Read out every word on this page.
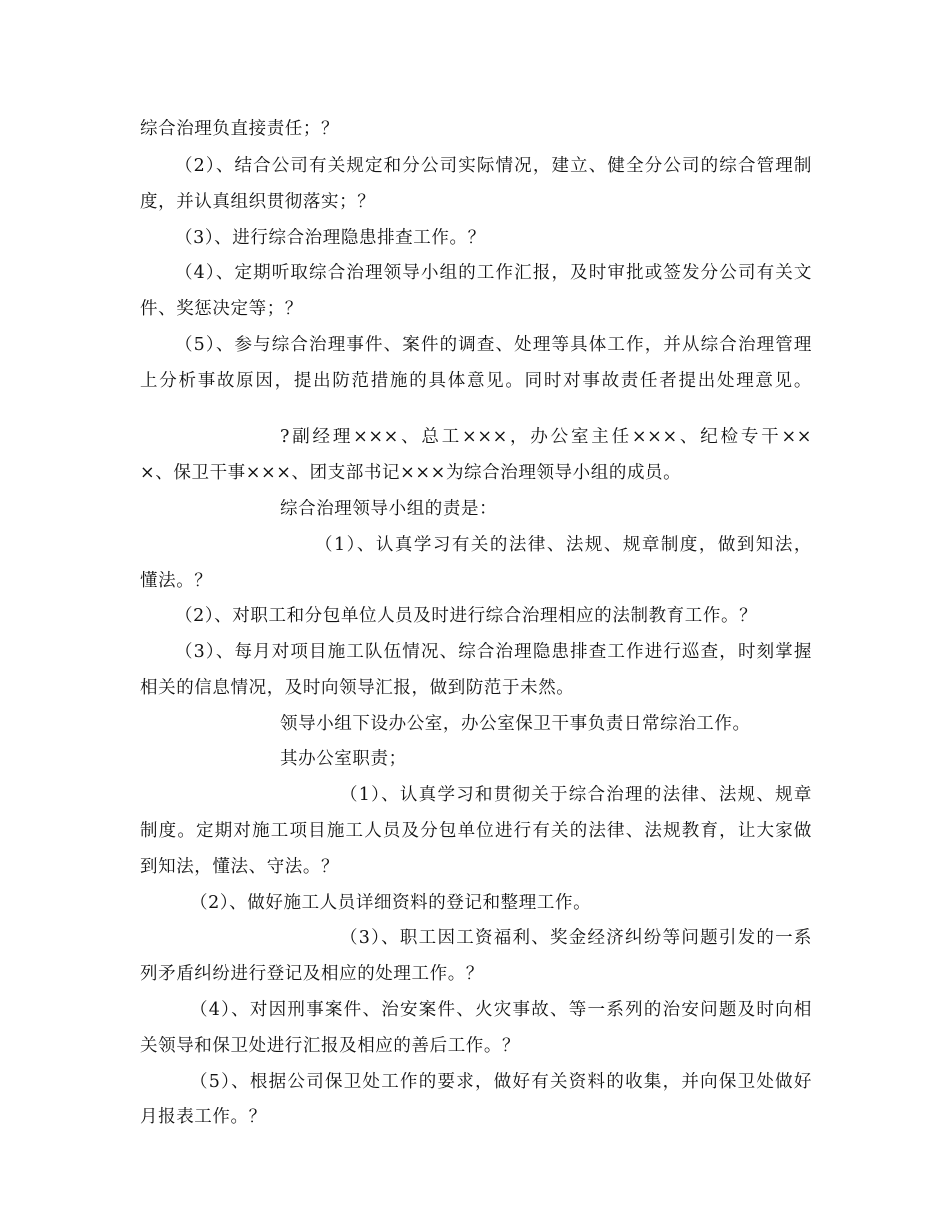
综合治理负直接责任；？
（2）、结合公司有关规定和分公司实际情况，建立、健全分公司的综合管理制
度，并认真组织贯彻落实；？
（3）、进行综合治理隐患排查工作。？
（4）、定期听取综合治理领导小组的工作汇报，及时审批或签发分公司有关文
件、奖惩决定等；？
（5）、参与综合治理事件、案件的调查、处理等具体工作，并从综合治理管理
上分析事故原因，提出防范措施的具体意见。同时对事故责任者提出处理意见。
?副经理×××、总工×××，办公室主任×××、纪检专干××
×、保卫干事×××、团支部书记×××为综合治理领导小组的成员。
综合治理领导小组的责是：
（1）、认真学习有关的法律、法规、规章制度，做到知法，
懂法。？
（2）、对职工和分包单位人员及时进行综合治理相应的法制教育工作。？
（3）、每月对项目施工队伍情况、综合治理隐患排查工作进行巡查，时刻掌握
相关的信息情况，及时向领导汇报，做到防范于未然。
领导小组下设办公室，办公室保卫干事负责日常综治工作。
其办公室职责；
（1）、认真学习和贯彻关于综合治理的法律、法规、规章
制度。定期对施工项目施工人员及分包单位进行有关的法律、法规教育，让大家做
到知法，懂法、守法。？
（2）、做好施工人员详细资料的登记和整理工作。
（3）、职工因工资福利、奖金经济纠纷等问题引发的一系
列矛盾纠纷进行登记及相应的处理工作。？
（4）、对因刑事案件、治安案件、火灾事故、等一系列的治安问题及时向相
关领导和保卫处进行汇报及相应的善后工作。？
（5）、根据公司保卫处工作的要求，做好有关资料的收集，并向保卫处做好
月报表工作。？
